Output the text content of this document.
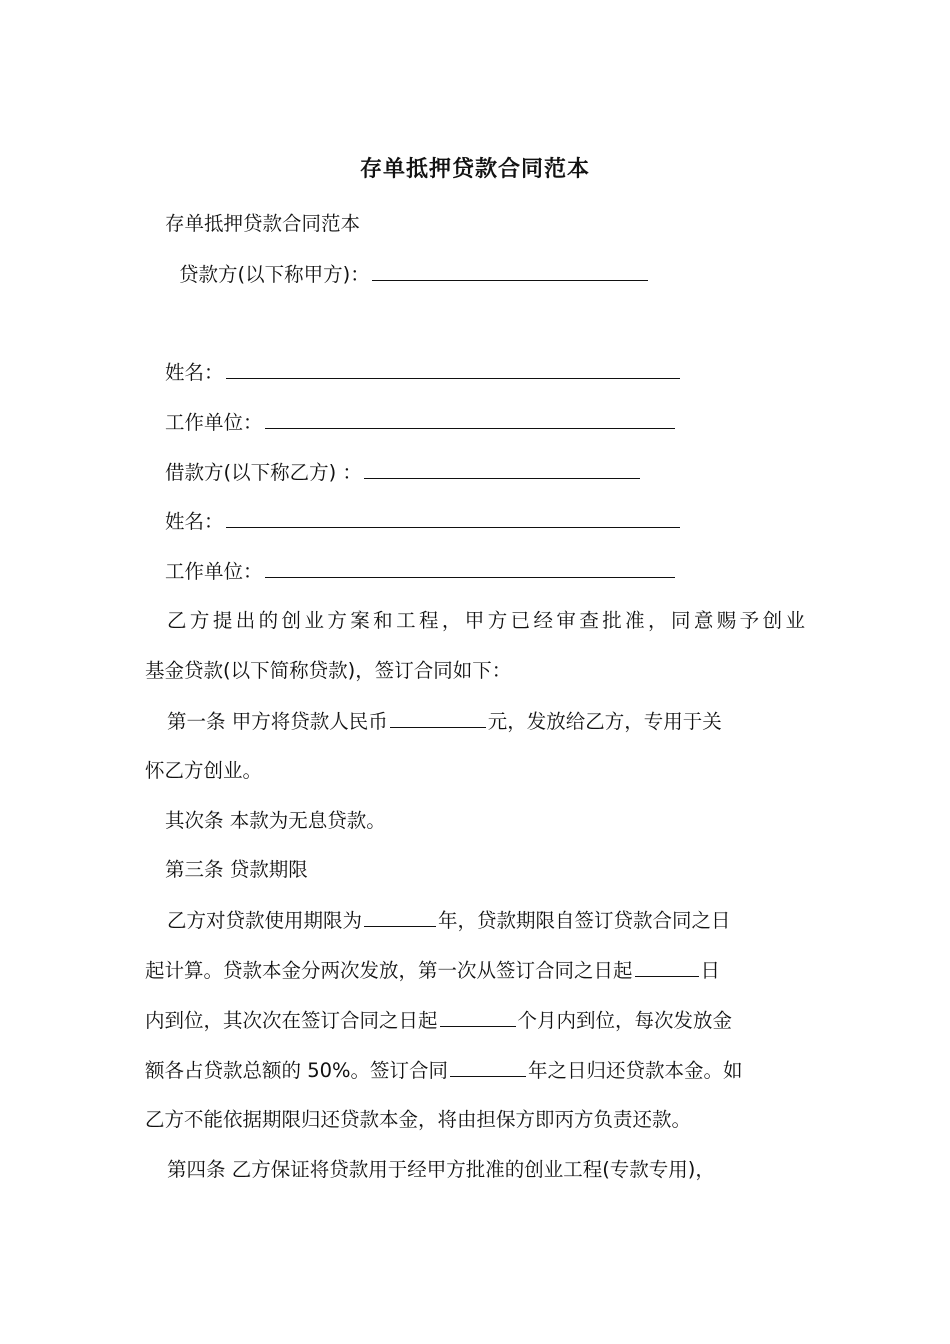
存单抵押贷款合同范本
存单抵押贷款合同范本
贷款方(以下称甲方)：
姓名：
工作单位：
借款方(以下称乙方) ：
姓名：
工作单位：
乙方提出的创业方案和工程，甲方已经审查批准，同意赐予创业
基金贷款(以下简称贷款)，签订合同如下：
第一条 甲方将贷款人民币	元，发放给乙方，专用于关
怀乙方创业。
其次条 本款为无息贷款。
第三条 贷款期限
乙方对贷款使用期限为	年，贷款期限自签订贷款合同之日
起计算。贷款本金分两次发放，第一次从签订合同之日起	日
内到位，其次次在签订合同之日起	个月内到位，每次发放金
额各占贷款总额的 50%。签订合同	年之日归还贷款本金。如
乙方不能依据期限归还贷款本金，将由担保方即丙方负责还款。
第四条 乙方保证将贷款用于经甲方批准的创业工程(专款专用)，
